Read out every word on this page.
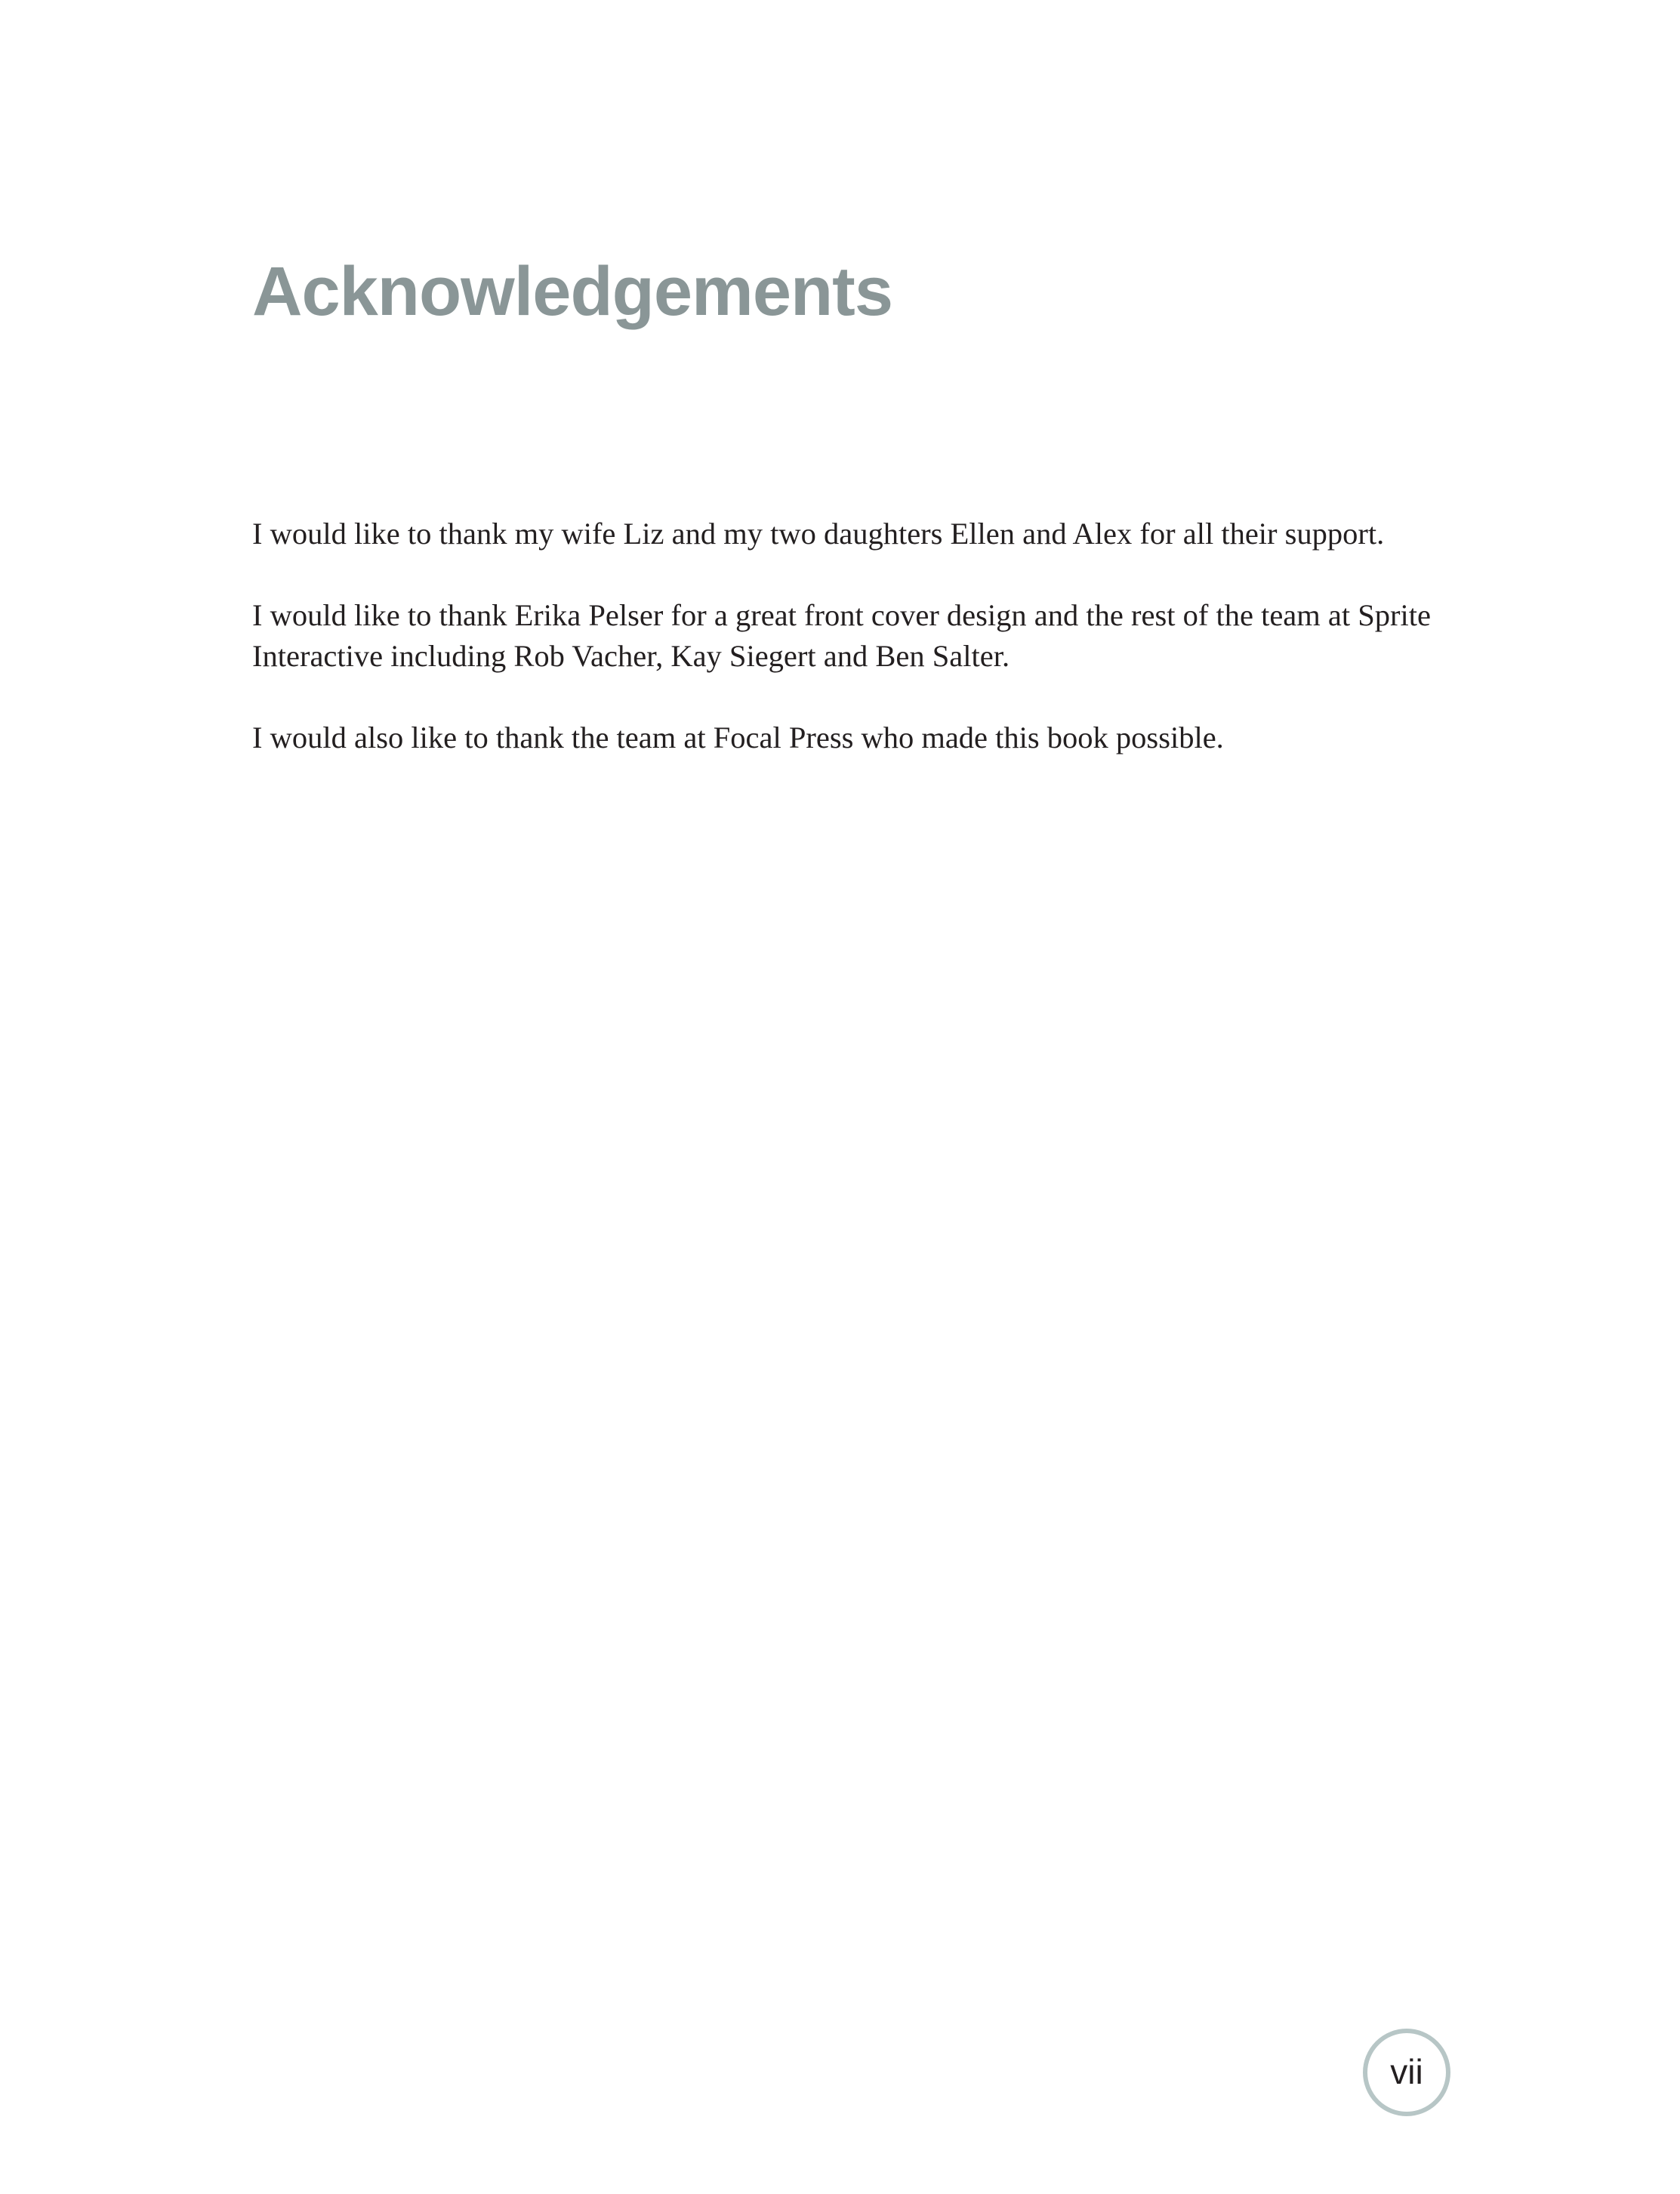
Acknowledgements

I would like to thank my wife Liz and my two daughters Ellen and Alex for all their support.

I would like to thank Erika Pelser for a great front cover design and the rest of the team at Sprite Interactive including Rob Vacher, Kay Siegert and Ben Salter.

I would also like to thank the team at Focal Press who made this book possible.

vii
